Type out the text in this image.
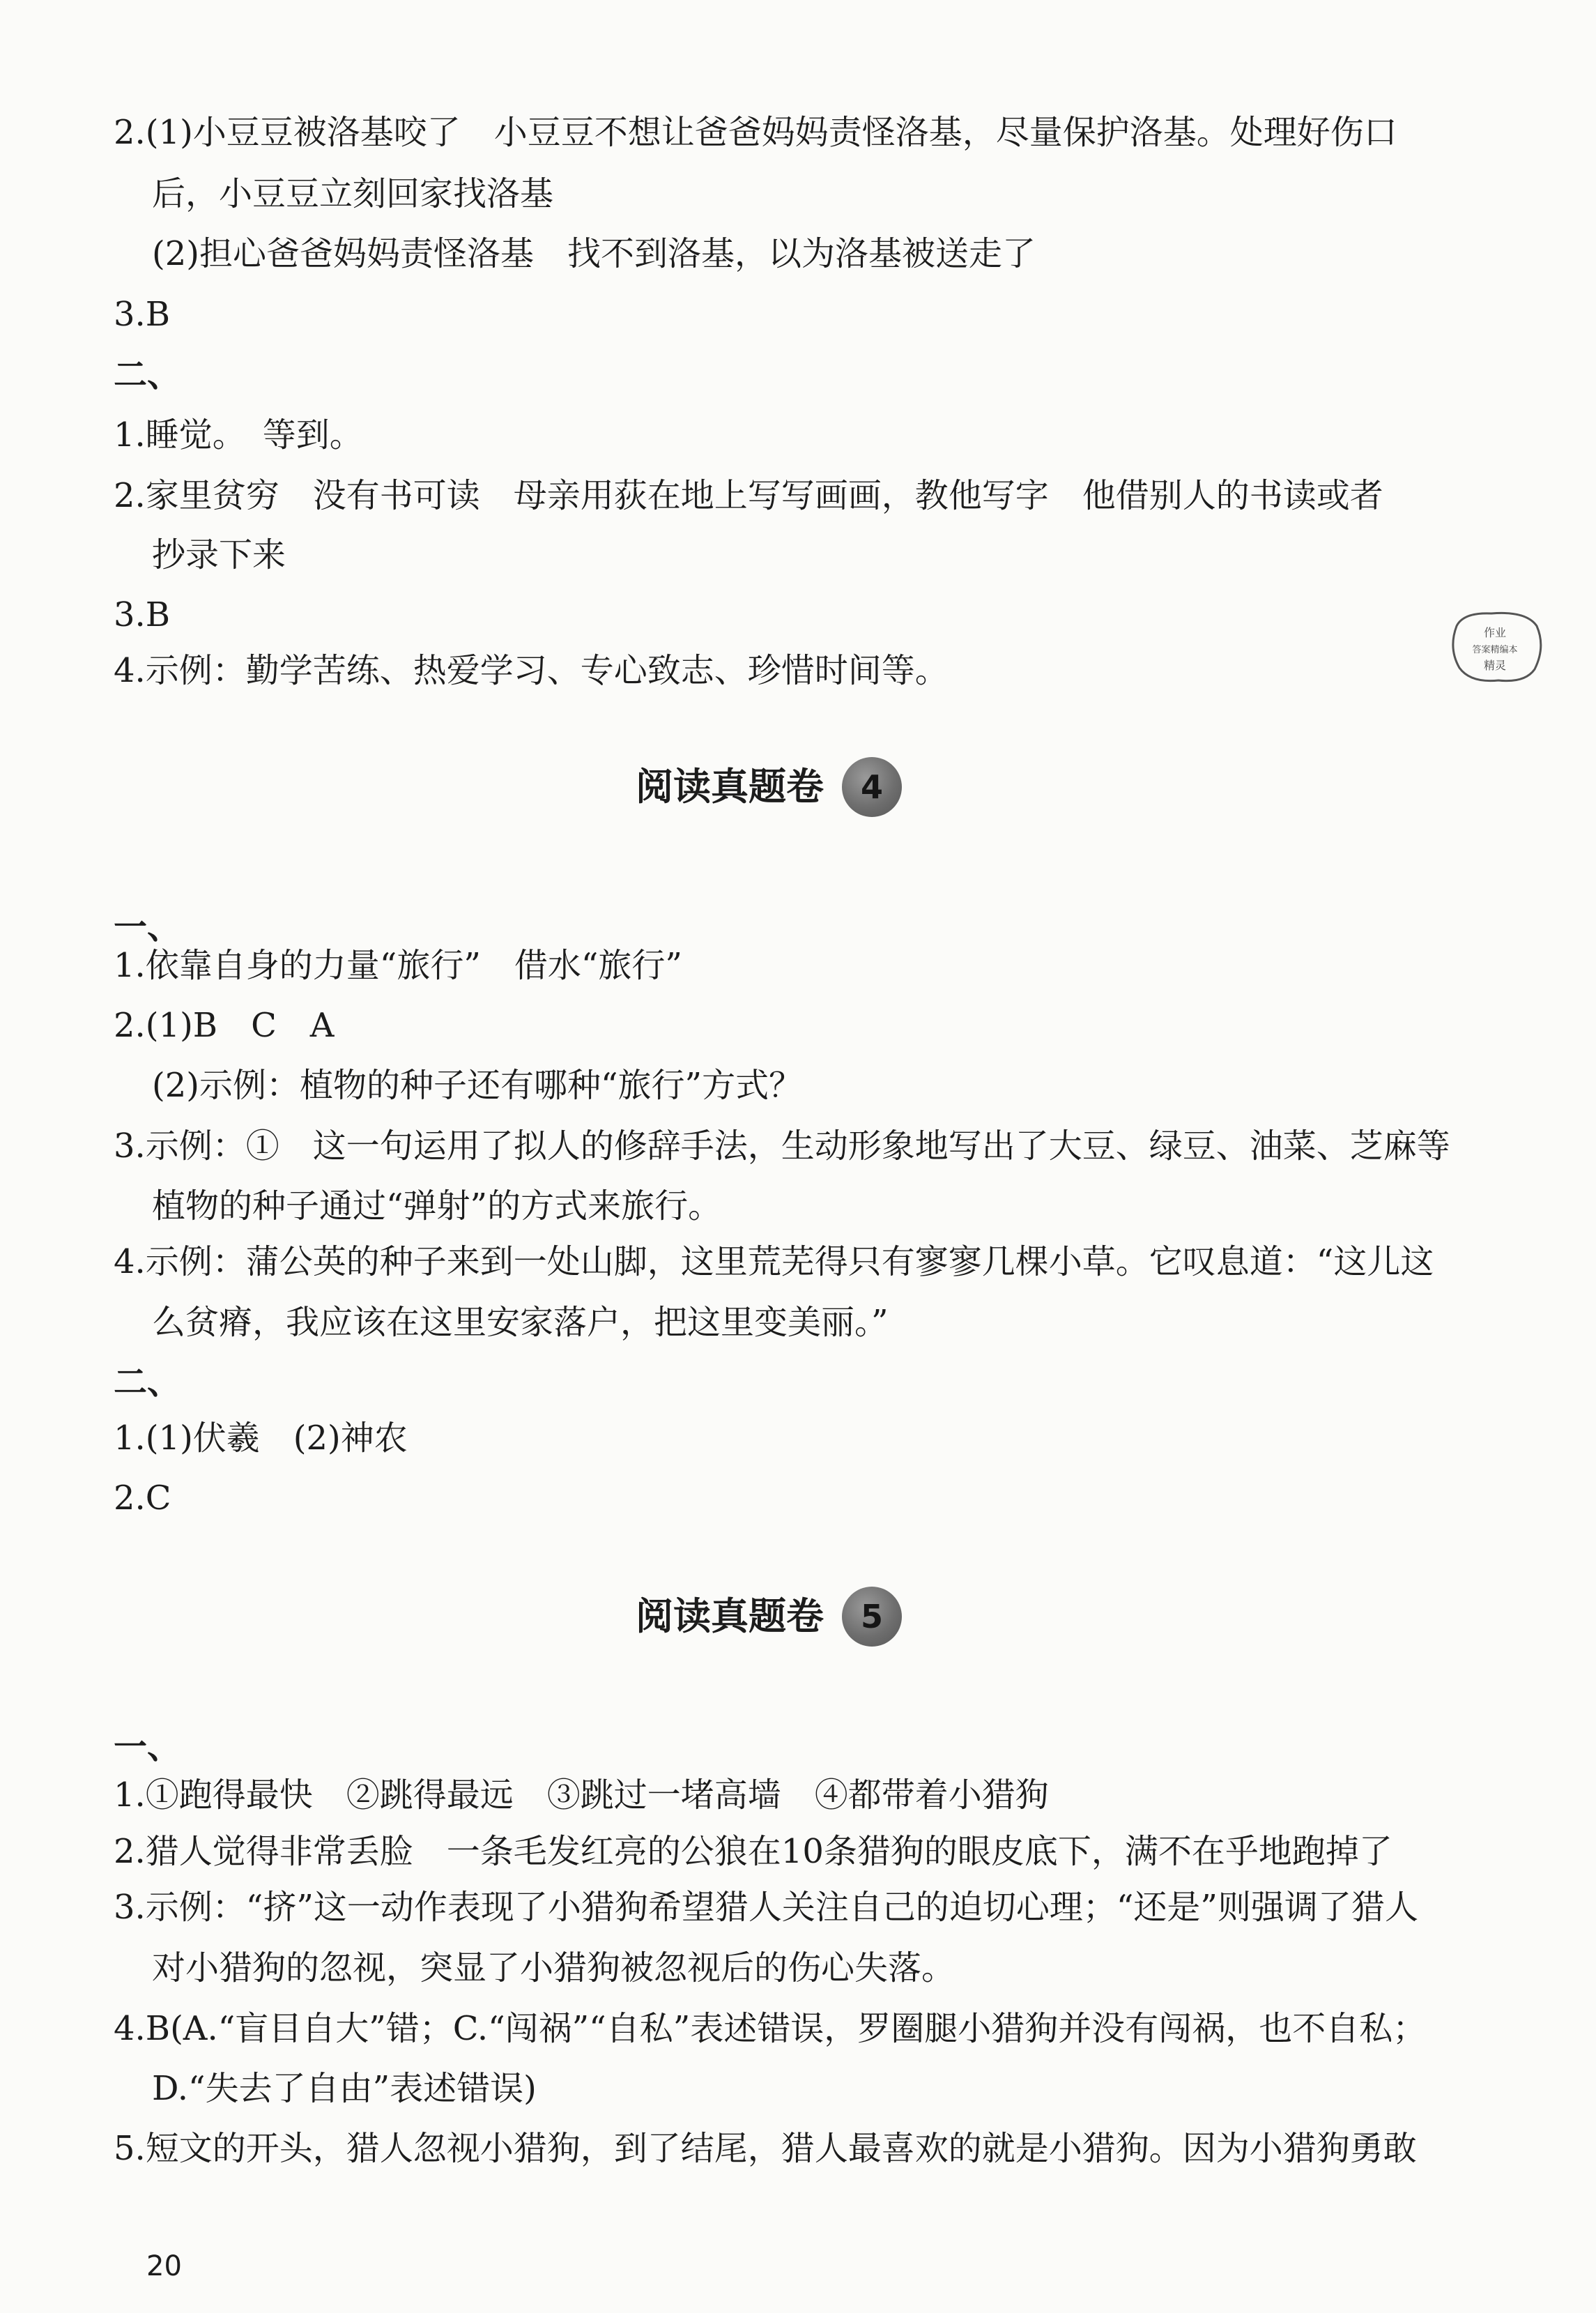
2.(1)小豆豆被洛基咬了　小豆豆不想让爸爸妈妈责怪洛基，尽量保护洛基。处理好伤口
后，小豆豆立刻回家找洛基
(2)担心爸爸妈妈责怪洛基　找不到洛基，以为洛基被送走了
3.B
二、
1.睡觉。　等到。
2.家里贫穷　没有书可读　母亲用荻在地上写写画画，教他写字　他借别人的书读或者
抄录下来
3.B
4.示例：勤学苦练、热爱学习、专心致志、珍惜时间等。
作业
答案精编本
精灵
阅读真题卷	4
一、
1.依靠自身的力量“旅行”　借水“旅行”
2.(1)B　C　A
(2)示例：植物的种子还有哪种“旅行”方式？
3.示例：①　这一句运用了拟人的修辞手法，生动形象地写出了大豆、绿豆、油菜、芝麻等
植物的种子通过“弹射”的方式来旅行。
4.示例：蒲公英的种子来到一处山脚，这里荒芜得只有寥寥几棵小草。它叹息道：“这儿这
么贫瘠，我应该在这里安家落户，把这里变美丽。”
二、
1.(1)伏羲　(2)神农
2.C
阅读真题卷	5
一、
1.①跑得最快　②跳得最远　③跳过一堵高墙　④都带着小猎狗
2.猎人觉得非常丢脸　一条毛发红亮的公狼在10条猎狗的眼皮底下，满不在乎地跑掉了
3.示例：“挤”这一动作表现了小猎狗希望猎人关注自己的迫切心理；“还是”则强调了猎人
对小猎狗的忽视，突显了小猎狗被忽视后的伤心失落。
4.B(A.“盲目自大”错；C.“闯祸”“自私”表述错误，罗圈腿小猎狗并没有闯祸，也不自私；
D.“失去了自由”表述错误)
5.短文的开头，猎人忽视小猎狗，到了结尾，猎人最喜欢的就是小猎狗。因为小猎狗勇敢
20
